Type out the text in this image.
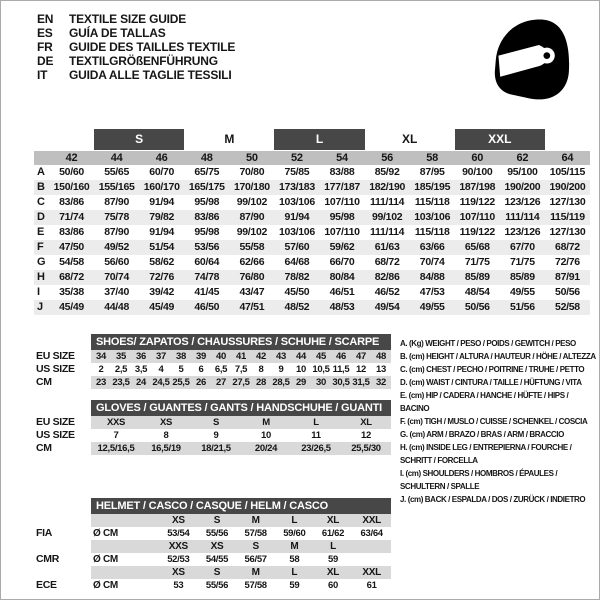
EN	TEXTILE SIZE GUIDE
ES	GUÍA DE TALLAS
FR	GUIDE DES TAILLES TEXTILE
DE	TEXTILGRÖßENFÜHRUNG
IT	GUIDA ALLE TAGLIE TESSILI
S	M	L	XL	XXL
42	44	46	48	50	52	54	56	58	60	62	64
A	50/60	55/65	60/70	65/75	70/80	75/85	83/88	85/92	87/95	90/100	95/100	105/115
B 150/160 155/165 160/170 165/175 170/180 173/183 177/187 182/190 185/195 187/198 190/200 190/200
C	83/86	87/90	91/94	95/98	99/102	103/106 107/110 111/114	115/118 119/122 123/126 127/130
D	71/74	75/78	79/82	83/86	87/90	91/94	95/98	99/102	103/106 107/110 111/114	115/119
E	83/86	87/90	91/94	95/98	99/102	103/106 107/110 111/114	115/118 119/122 123/126 127/130
F	47/50	49/52	51/54	53/56	55/58	57/60	59/62	61/63	63/66	65/68	67/70	68/72
G	54/58	56/60	58/62	60/64	62/66	64/68	66/70	68/72	70/74	71/75	71/75	72/76
H	68/72	70/74	72/76	74/78	76/80	78/82	80/84	82/86	84/88	85/89	85/89	87/91
I	35/38	37/40	39/42	41/45	43/47	45/50	46/51	46/52	47/53	48/54	49/55	50/56
J	45/49	44/48	45/49	46/50	47/51	48/52	48/53	49/54	49/55	50/56	51/56	52/58
SHOES/ ZAPATOS / CHAUSSURES / SCHUHE / SCARPE
EU SIZE	34	35	36	37	38	39	40	41	42	43	44	45	46	47	48
US SIZE	2	2,5 3,5	4	5	6	6,5 7,5	8	9	10 10,5 11,5 12	13
CM	23 23,5 24 24,5 25,5 26	27 27,5 28 28,5 29	30 30,5 31,5 32
GLOVES / GUANTES / GANTS / HANDSCHUHE / GUANTI
EU SIZE	XXS	XS	S	M	L	XL
US SIZE	7	8	9	10	11	12
CM	12,5/16,5	16,5/19	18/21,5	20/24	23/26,5	25,5/30
HELMET / CASCO / CASQUE / HELM / CASCO
XS	S	M	L	XL	XXL
FIA	Ø CM	53/54	55/56	57/58	59/60	61/62	63/64
XXS	XS	S	M	L
CMR	Ø CM	52/53	54/55	56/57	58	59
XS	S	M	L	XL	XXL
ECE	Ø CM	53	55/56	57/58	59	60	61
A. (Kg) WEIGHT / PESO / POIDS / GEWITCH / PESO
B. (cm) HEIGHT / ALTURA / HAUTEUR / HÖHE / ALTEZZA
C. (cm) CHEST / PECHO / POITRINE / TRUHE / PETTO
D. (cm) WAIST / CINTURA / TAILLE / HÜFTUNG / VITA
E. (cm) HIP / CADERA / HANCHE / HÜFTE / HIPS / BACINO
F. (cm) TIGH / MUSLO / CUISSE / SCHENKEL / COSCIA
G. (cm) ARM / BRAZO / BRAS / ARM / BRACCIO
H. (cm) INSIDE LEG / ENTREPIERNA / FOURCHE / SCHRITT / FORCELLA
I. (cm) SHOULDERS / HOMBROS / ÉPAULES / SCHULTERN / SPALLE
J. (cm) BACK / ESPALDA / DOS / ZURÜCK / INDIETRO
